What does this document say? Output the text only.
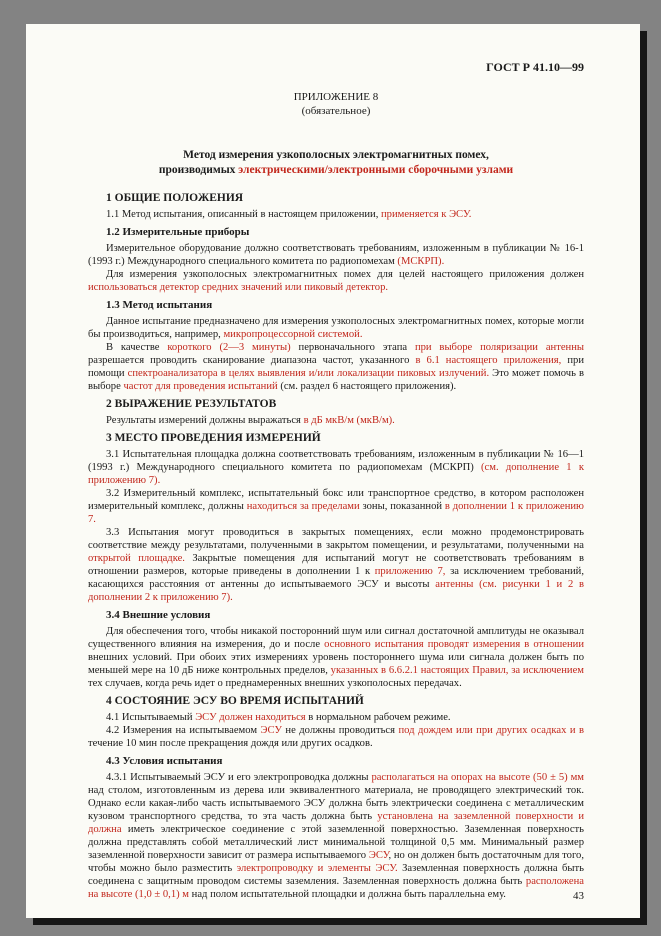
ГОСТ Р 41.10—99
ПРИЛОЖЕНИЕ 8
(обязательное)
Метод измерения узкополосных электромагнитных помех,
производимых электрическими/электронными сборочными узлами

1 ОБЩИЕ ПОЛОЖЕНИЯ

1.1 Метод испытания, описанный в настоящем приложении, применяется к ЭСУ.

1.2 Измерительные приборы

Измерительное оборудование должно соответствовать требованиям, изложенным в публикации № 16-1 (1993 г.) Международного специального комитета по радиопомехам (МСКРП).

Для измерения узкополосных электромагнитных помех для целей настоящего приложения должен использоваться детектор средних значений или пиковый детектор.

1.3 Метод испытания

Данное испытание предназначено для измерения узкополосных электромагнитных помех, которые могли бы производиться, например, микропроцессорной системой.

В качестве короткого (2—3 минуты) первоначального этапа при выборе поляризации антенны разрешается проводить сканирование диапазона частот, указанного в 6.1 настоящего приложения, при помощи спектроанализатора в целях выявления и/или локализации пиковых излучений. Это может помочь в выборе частот для проведения испытаний (см. раздел 6 настоящего приложения).

2 ВЫРАЖЕНИЕ РЕЗУЛЬТАТОВ

Результаты измерений должны выражаться в дБ мкВ/м (мкВ/м).

3 МЕСТО ПРОВЕДЕНИЯ ИЗМЕРЕНИЙ

3.1 Испытательная площадка должна соответствовать требованиям, изложенным в публикации № 16—1 (1993 г.) Международного специального комитета по радиопомехам (МСКРП) (см. дополнение 1 к приложению 7).

3.2 Измерительный комплекс, испытательный бокс или транспортное средство, в котором расположен измерительный комплекс, должны находиться за пределами зоны, показанной в дополнении 1 к приложению 7.

3.3 Испытания могут проводиться в закрытых помещениях, если можно продемонстрировать соответствие между результатами, полученными в закрытом помещении, и результатами, полученными на открытой площадке. Закрытые помещения для испытаний могут не соответствовать требованиям в отношении размеров, которые приведены в дополнении 1 к приложению 7, за исключением требований, касающихся расстояния от антенны до испытываемого ЭСУ и высоты антенны (см. рисунки 1 и 2 в дополнении 2 к приложению 7).

3.4 Внешние условия

Для обеспечения того, чтобы никакой посторонний шум или сигнал достаточной амплитуды не оказывал существенного влияния на измерения, до и после основного испытания проводят измерения в отношении внешних условий. При обоих этих измерениях уровень постороннего шума или сигнала должен быть по меньшей мере на 10 дБ ниже контрольных пределов, указанных в 6.6.2.1 настоящих Правил, за исключением тех случаев, когда речь идет о преднамеренных внешних узкополосных передачах.

4 СОСТОЯНИЕ ЭСУ ВО ВРЕМЯ ИСПЫТАНИЙ

4.1 Испытываемый ЭСУ должен находиться в нормальном рабочем режиме.

4.2 Измерения на испытываемом ЭСУ не должны проводиться под дождем или при других осадках и в течение 10 мин после прекращения дождя или других осадков.

4.3 Условия испытания

4.3.1 Испытываемый ЭСУ и его электропроводка должны располагаться на опорах на высоте (50 ± 5) мм над столом, изготовленным из дерева или эквивалентного материала, не проводящего электрический ток. Однако если какая-либо часть испытываемого ЭСУ должна быть электрически соединена с металлическим кузовом транспортного средства, то эта часть должна быть установлена на заземленной поверхности и должна иметь электрическое соединение с этой заземленной поверхностью. Заземленная поверхность должна представлять собой металлический лист минимальной толщиной 0,5 мм. Минимальный размер заземленной поверхности зависит от размера испытываемого ЭСУ, но он должен быть достаточным для того, чтобы можно было разместить электропроводку и элементы ЭСУ. Заземленная поверхность должна быть соединена с защитным проводом системы заземления. Заземленная поверхность должна быть расположена на высоте (1,0 ± 0,1) м над полом испытательной площадки и должна быть параллельна ему.	43
